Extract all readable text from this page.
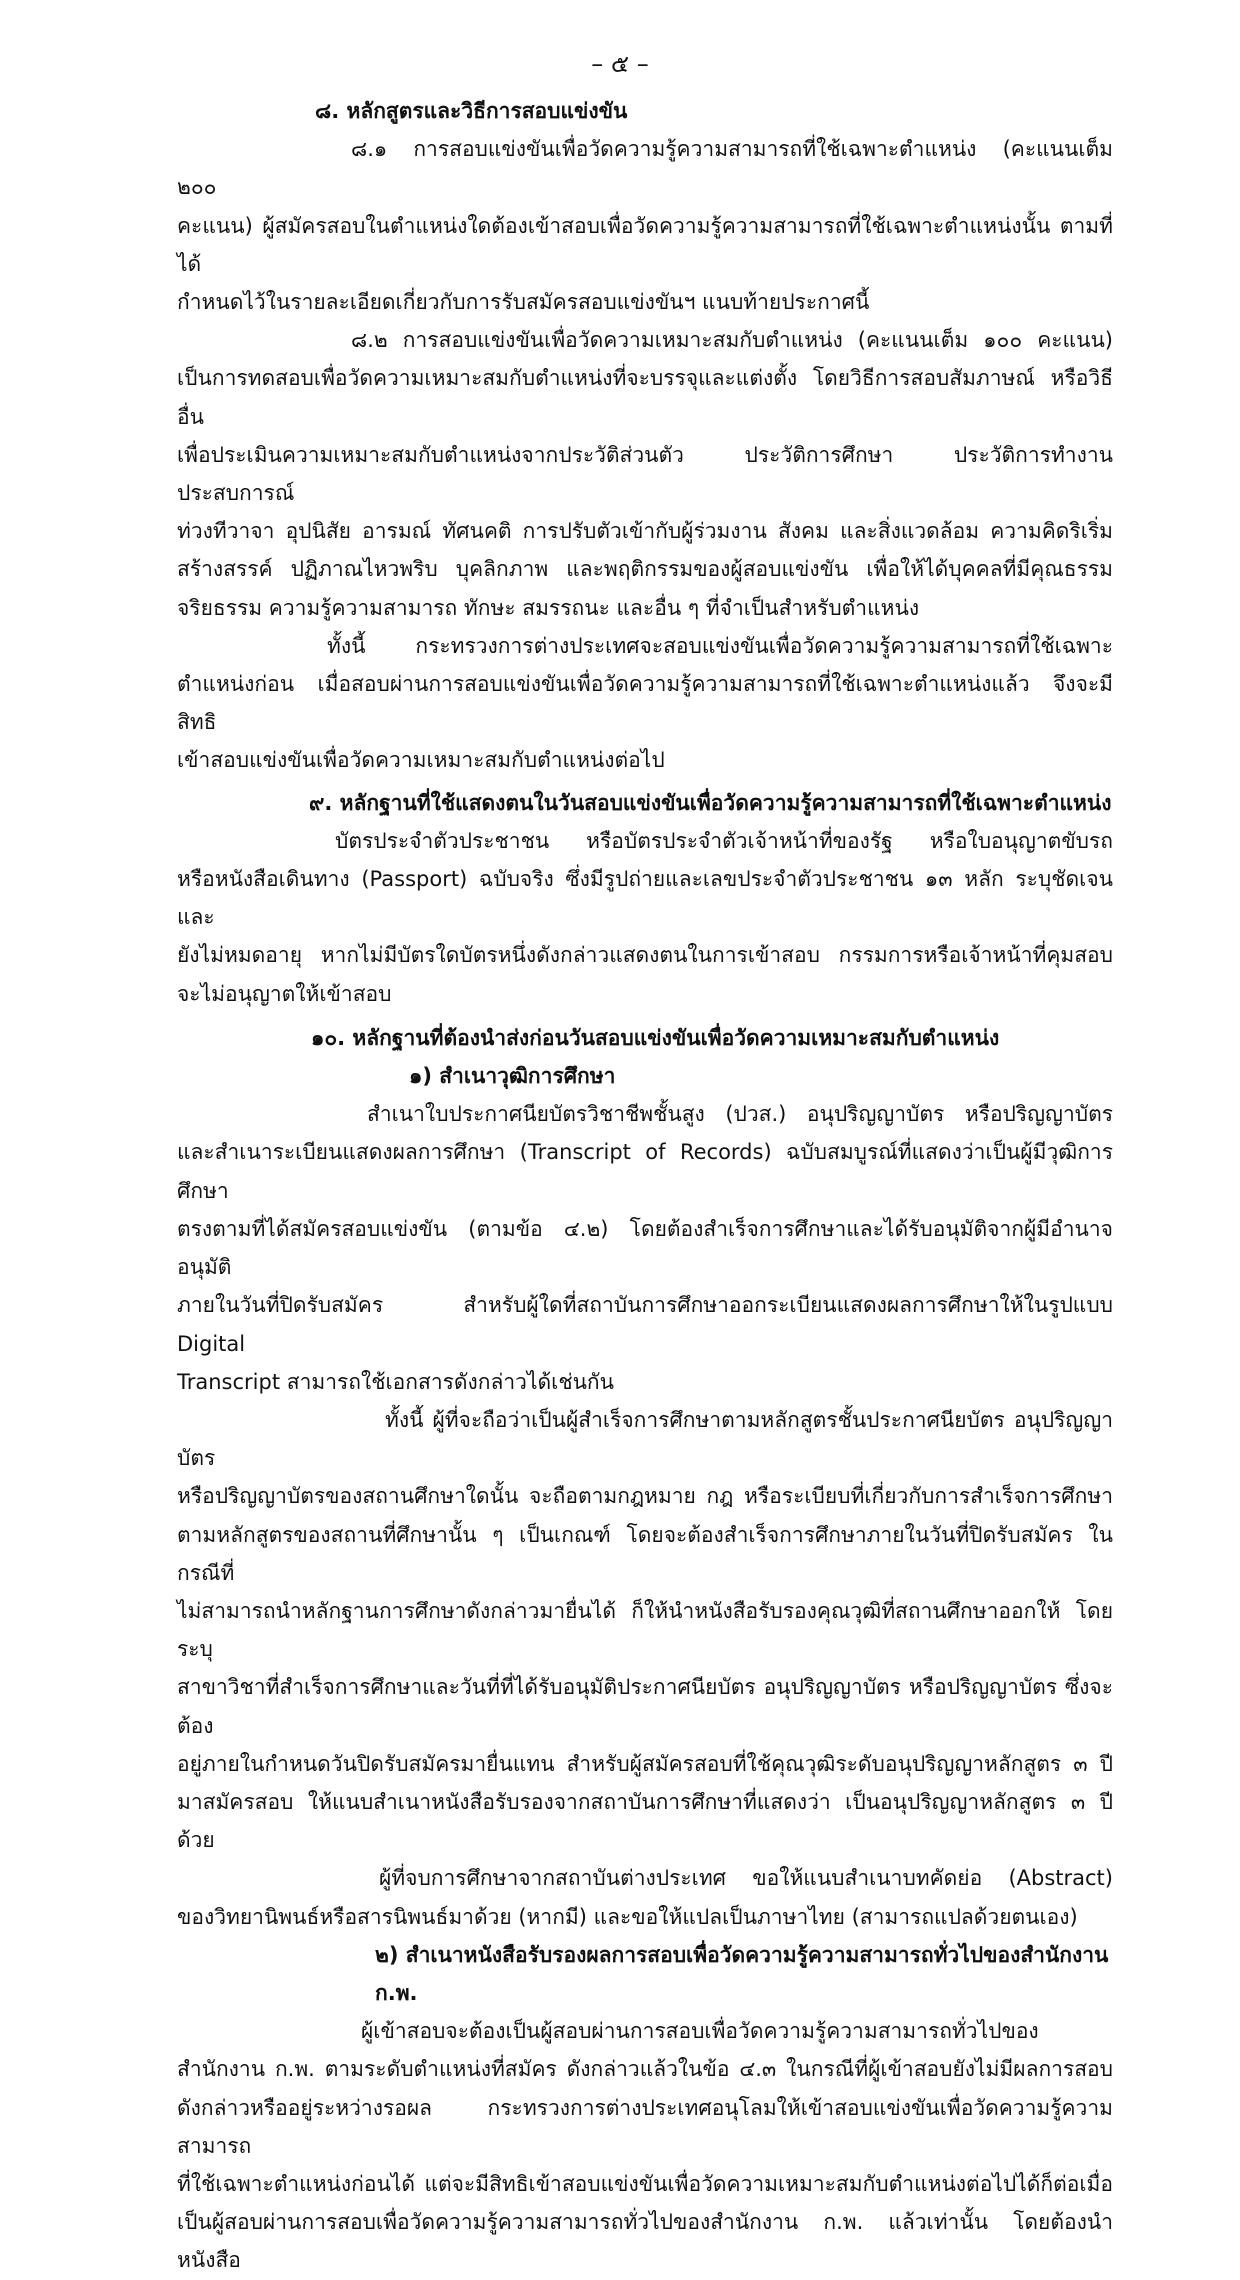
– ๕ –

๘. หลักสูตรและวิธีการสอบแข่งขัน

๘.๑ การสอบแข่งขันเพื่อวัดความรู้ความสามารถที่ใช้เฉพาะตำแหน่ง (คะแนนเต็ม ๒๐๐

คะแนน) ผู้สมัครสอบในตำแหน่งใดต้องเข้าสอบเพื่อวัดความรู้ความสามารถที่ใช้เฉพาะตำแหน่งนั้น ตามที่ได้

กำหนดไว้ในรายละเอียดเกี่ยวกับการรับสมัครสอบแข่งขันฯ แนบท้ายประกาศนี้

๘.๒ การสอบแข่งขันเพื่อวัดความเหมาะสมกับตำแหน่ง (คะแนนเต็ม ๑๐๐ คะแนน)

เป็นการทดสอบเพื่อวัดความเหมาะสมกับตำแหน่งที่จะบรรจุและแต่งตั้ง โดยวิธีการสอบสัมภาษณ์ หรือวิธีอื่น

เพื่อประเมินความเหมาะสมกับตำแหน่งจากประวัติส่วนตัว ประวัติการศึกษา ประวัติการทำงาน ประสบการณ์

ท่วงทีวาจา อุปนิสัย อารมณ์ ทัศนคติ การปรับตัวเข้ากับผู้ร่วมงาน สังคม และสิ่งแวดล้อม ความคิดริเริ่ม

สร้างสรรค์ ปฏิภาณไหวพริบ บุคลิกภาพ และพฤติกรรมของผู้สอบแข่งขัน เพื่อให้ได้บุคคลที่มีคุณธรรม

จริยธรรม ความรู้ความสามารถ ทักษะ สมรรถนะ และอื่น ๆ ที่จำเป็นสำหรับตำแหน่ง

ทั้งนี้ กระทรวงการต่างประเทศจะสอบแข่งขันเพื่อวัดความรู้ความสามารถที่ใช้เฉพาะ

ตำแหน่งก่อน เมื่อสอบผ่านการสอบแข่งขันเพื่อวัดความรู้ความสามารถที่ใช้เฉพาะตำแหน่งแล้ว จึงจะมีสิทธิ

เข้าสอบแข่งขันเพื่อวัดความเหมาะสมกับตำแหน่งต่อไป

๙. หลักฐานที่ใช้แสดงตนในวันสอบแข่งขันเพื่อวัดความรู้ความสามารถที่ใช้เฉพาะตำแหน่ง

บัตรประจำตัวประชาชน หรือบัตรประจำตัวเจ้าหน้าที่ของรัฐ หรือใบอนุญาตขับรถ

หรือหนังสือเดินทาง (Passport) ฉบับจริง ซึ่งมีรูปถ่ายและเลขประจำตัวประชาชน ๑๓ หลัก ระบุชัดเจนและ

ยังไม่หมดอายุ หากไม่มีบัตรใดบัตรหนึ่งดังกล่าวแสดงตนในการเข้าสอบ กรรมการหรือเจ้าหน้าที่คุมสอบ

จะไม่อนุญาตให้เข้าสอบ

๑๐. หลักฐานที่ต้องนำส่งก่อนวันสอบแข่งขันเพื่อวัดความเหมาะสมกับตำแหน่ง

๑) สำเนาวุฒิการศึกษา

สำเนาใบประกาศนียบัตรวิชาชีพชั้นสูง (ปวส.) อนุปริญญาบัตร หรือปริญญาบัตร

และสำเนาระเบียนแสดงผลการศึกษา (Transcript of Records) ฉบับสมบูรณ์ที่แสดงว่าเป็นผู้มีวุฒิการศึกษา

ตรงตามที่ได้สมัครสอบแข่งขัน (ตามข้อ ๔.๒) โดยต้องสำเร็จการศึกษาและได้รับอนุมัติจากผู้มีอำนาจอนุมัติ

ภายในวันที่ปิดรับสมัคร สำหรับผู้ใดที่สถาบันการศึกษาออกระเบียนแสดงผลการศึกษาให้ในรูปแบบ Digital

Transcript สามารถใช้เอกสารดังกล่าวได้เช่นกัน

ทั้งนี้ ผู้ที่จะถือว่าเป็นผู้สำเร็จการศึกษาตามหลักสูตรชั้นประกาศนียบัตร อนุปริญญาบัตร

หรือปริญญาบัตรของสถานศึกษาใดนั้น จะถือตามกฎหมาย กฎ หรือระเบียบที่เกี่ยวกับการสำเร็จการศึกษา

ตามหลักสูตรของสถานที่ศึกษานั้น ๆ เป็นเกณฑ์ โดยจะต้องสำเร็จการศึกษาภายในวันที่ปิดรับสมัคร ในกรณีที่

ไม่สามารถนำหลักฐานการศึกษาดังกล่าวมายื่นได้ ก็ให้นำหนังสือรับรองคุณวุฒิที่สถานศึกษาออกให้ โดยระบุ

สาขาวิชาที่สำเร็จการศึกษาและวันที่ที่ได้รับอนุมัติประกาศนียบัตร อนุปริญญาบัตร หรือปริญญาบัตร ซึ่งจะต้อง

อยู่ภายในกำหนดวันปิดรับสมัครมายื่นแทน สำหรับผู้สมัครสอบที่ใช้คุณวุฒิระดับอนุปริญญาหลักสูตร ๓ ปี

มาสมัครสอบ ให้แนบสำเนาหนังสือรับรองจากสถาบันการศึกษาที่แสดงว่า เป็นอนุปริญญาหลักสูตร ๓ ปี ด้วย

ผู้ที่จบการศึกษาจากสถาบันต่างประเทศ ขอให้แนบสำเนาบทคัดย่อ (Abstract)

ของวิทยานิพนธ์หรือสารนิพนธ์มาด้วย (หากมี) และขอให้แปลเป็นภาษาไทย (สามารถแปลด้วยตนเอง)

๒) สำเนาหนังสือรับรองผลการสอบเพื่อวัดความรู้ความสามารถทั่วไปของสำนักงาน ก.พ.

ผู้เข้าสอบจะต้องเป็นผู้สอบผ่านการสอบเพื่อวัดความรู้ความสามารถทั่วไปของ

สำนักงาน ก.พ. ตามระดับตำแหน่งที่สมัคร ดังกล่าวแล้วในข้อ ๔.๓ ในกรณีที่ผู้เข้าสอบยังไม่มีผลการสอบ

ดังกล่าวหรืออยู่ระหว่างรอผล กระทรวงการต่างประเทศอนุโลมให้เข้าสอบแข่งขันเพื่อวัดความรู้ความสามารถ

ที่ใช้เฉพาะตำแหน่งก่อนได้ แต่จะมีสิทธิเข้าสอบแข่งขันเพื่อวัดความเหมาะสมกับตำแหน่งต่อไปได้ก็ต่อเมื่อ

เป็นผู้สอบผ่านการสอบเพื่อวัดความรู้ความสามารถทั่วไปของสำนักงาน ก.พ. แล้วเท่านั้น โดยต้องนำหนังสือ
